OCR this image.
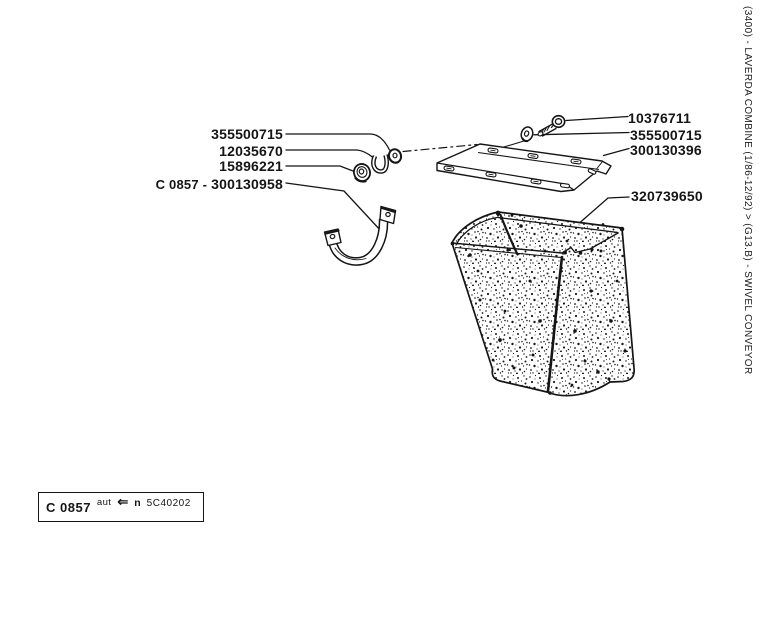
355500715
12035670
15896221
C 0857 - 300130958
10376711
355500715
300130396
320739650	(3400) - LAVERDA COMBINE (1/86-12/92) > (G13.B) - SWIVEL CONVEYOR
C 0857 aut ⇐ n 5C40202
